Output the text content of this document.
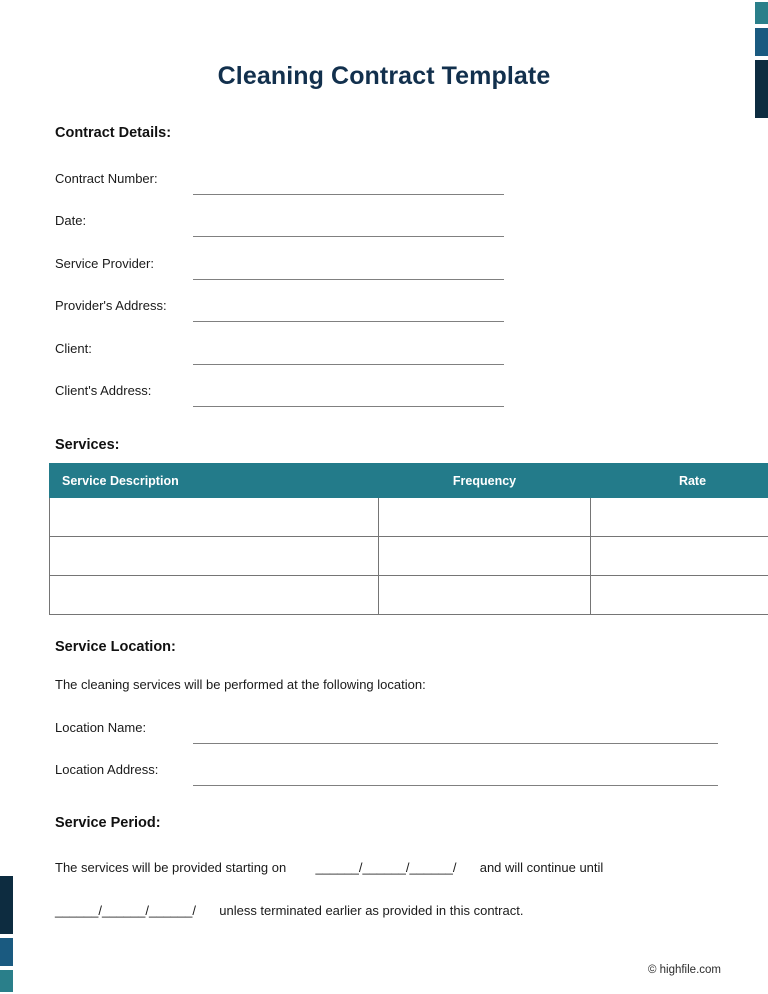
Cleaning Contract Template
Contract Details:
Contract Number:
Date:
Service Provider:
Provider's Address:
Client:
Client's Address:
Services:
Service Description	Frequency	Rate

Service Location:
The cleaning services will be performed at the following location:
Location Name:
Location Address:
Service Period:
The services will be provided starting on ______/______/______/ and will continue until
______/______/______/ unless terminated earlier as provided in this contract.
© highfile.com
